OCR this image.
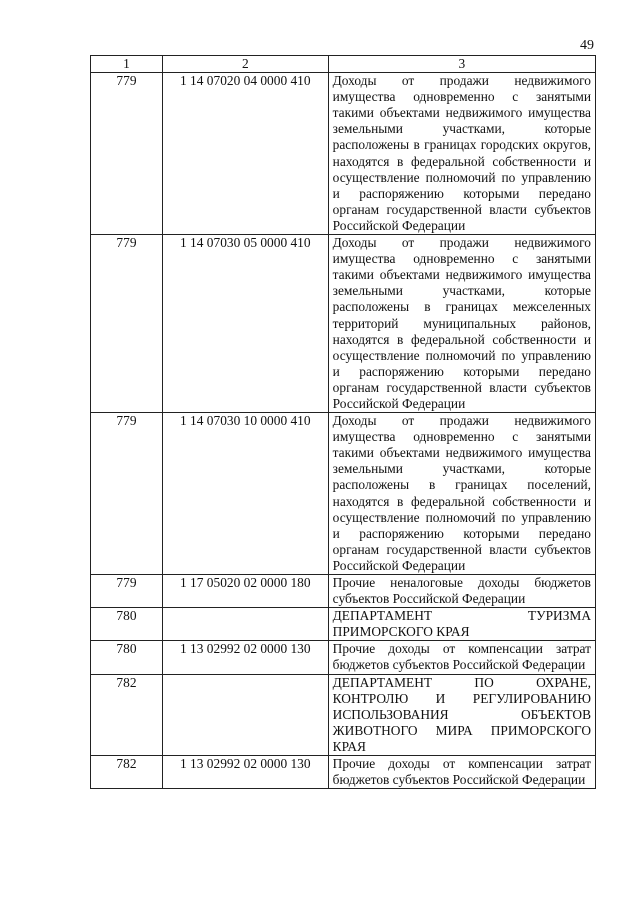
49
1	2	3
779	1 14 07020 04 0000 410	Доходы от продажи недвижимого имущества одновременно с занятыми такими объектами недвижимого имущества земельными участками, которые расположены в границах городских округов, находятся в федеральной собственности и осуществление полномочий по управлению и распоряжению которыми передано органам государственной власти субъектов Российской Федерации
779	1 14 07030 05 0000 410	Доходы от продажи недвижимого имущества одновременно с занятыми такими объектами недвижимого имущества земельными участками, которые расположены в границах межселенных территорий муниципальных районов, находятся в федеральной собственности и осуществление полномочий по управлению и распоряжению которыми передано органам государственной власти субъектов Российской Федерации
779	1 14 07030 10 0000 410	Доходы от продажи недвижимого имущества одновременно с занятыми такими объектами недвижимого имущества земельными участками, которые расположены в границах поселений, находятся в федеральной собственности и осуществление полномочий по управлению и распоряжению которыми передано органам государственной власти субъектов Российской Федерации
779	1 17 05020 02 0000 180	Прочие неналоговые доходы бюджетов субъектов Российской Федерации
780		ДЕПАРТАМЕНТ ТУРИЗМА ПРИМОРСКОГО КРАЯ
780	1 13 02992 02 0000 130	Прочие доходы от компенсации затрат бюджетов субъектов Российской Федерации
782		ДЕПАРТАМЕНТ ПО ОХРАНЕ, КОНТРОЛЮ И РЕГУЛИРОВАНИЮ ИСПОЛЬЗОВАНИЯ ОБЪЕКТОВ ЖИВОТНОГО МИРА ПРИМОРСКОГО КРАЯ
782	1 13 02992 02 0000 130	Прочие доходы от компенсации затрат бюджетов субъектов Российской Федерации
